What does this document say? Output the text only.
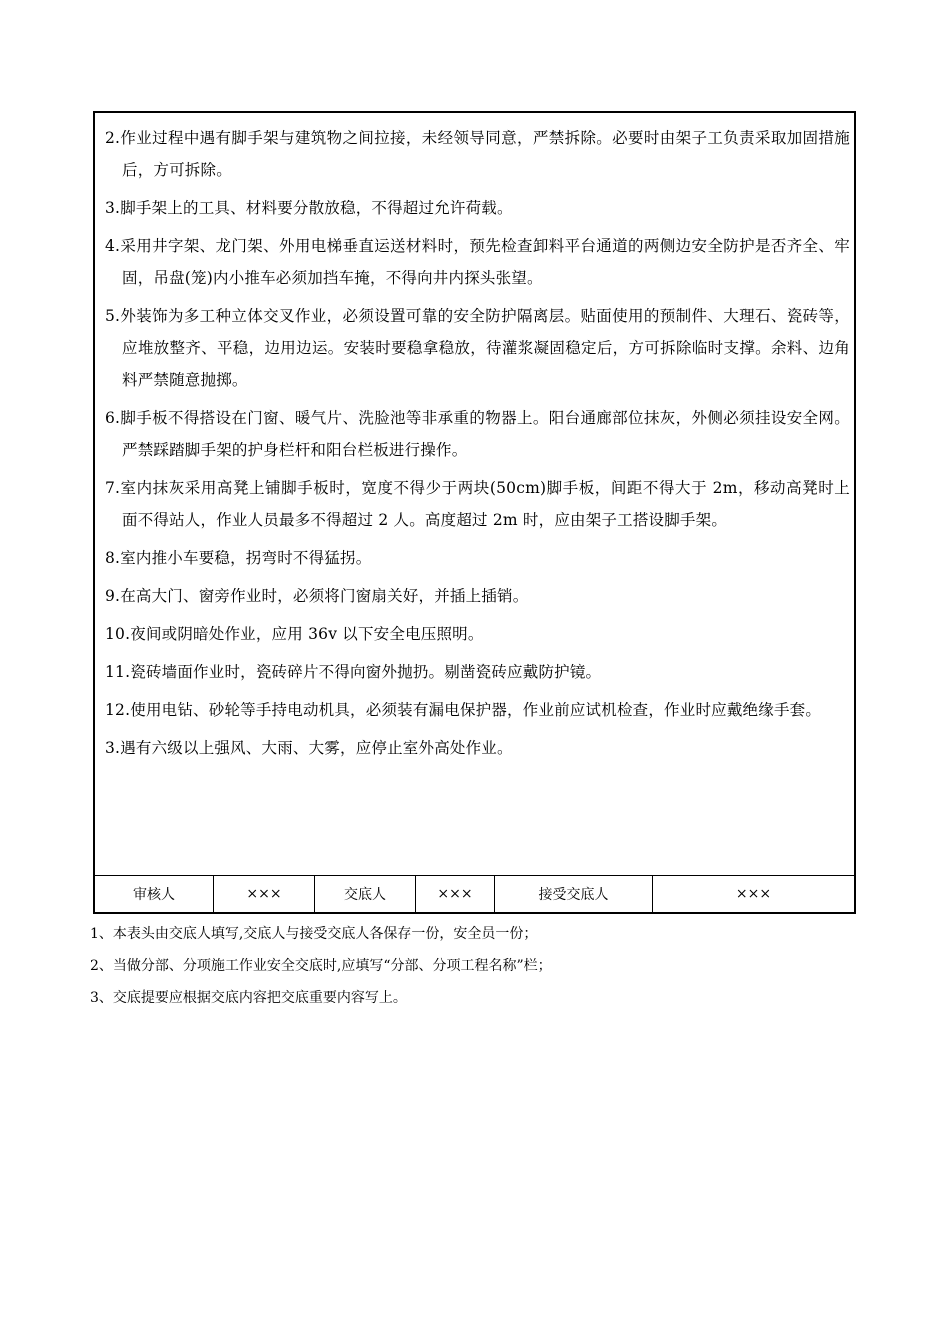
2.作业过程中遇有脚手架与建筑物之间拉接，未经领导同意，严禁拆除。必要时由架子工负责采取加固措施后，方可拆除。

3.脚手架上的工具、材料要分散放稳，不得超过允许荷载。

4.采用井字架、龙门架、外用电梯垂直运送材料时，预先检查卸料平台通道的两侧边安全防护是否齐全、牢固，吊盘(笼)内小推车必须加挡车掩，不得向井内探头张望。

5.外装饰为多工种立体交叉作业，必须设置可靠的安全防护隔离层。贴面使用的预制件、大理石、瓷砖等，应堆放整齐、平稳，边用边运。安装时要稳拿稳放，待灌浆凝固稳定后，方可拆除临时支撑。余料、边角料严禁随意抛掷。

6.脚手板不得搭设在门窗、暖气片、洗脸池等非承重的物器上。阳台通廊部位抹灰，外侧必须挂设安全网。严禁踩踏脚手架的护身栏杆和阳台栏板进行操作。

7.室内抹灰采用高凳上铺脚手板时，宽度不得少于两块(50cm)脚手板，间距不得大于 2m，移动高凳时上面不得站人，作业人员最多不得超过 2 人。高度超过 2m 时，应由架子工搭设脚手架。

8.室内推小车要稳，拐弯时不得猛拐。

9.在高大门、窗旁作业时，必须将门窗扇关好，并插上插销。

10.夜间或阴暗处作业，应用 36v 以下安全电压照明。

11.瓷砖墙面作业时，瓷砖碎片不得向窗外抛扔。剔凿瓷砖应戴防护镜。

12.使用电钻、砂轮等手持电动机具，必须装有漏电保护器，作业前应试机检查，作业时应戴绝缘手套。

3.遇有六级以上强风、大雨、大雾，应停止室外高处作业。

审核人	×××	交底人	×××	接受交底人	×××

1、本表头由交底人填写,交底人与接受交底人各保存一份，安全员一份；

2、当做分部、分项施工作业安全交底时,应填写“分部、分项工程名称”栏；

3、交底提要应根据交底内容把交底重要内容写上。
